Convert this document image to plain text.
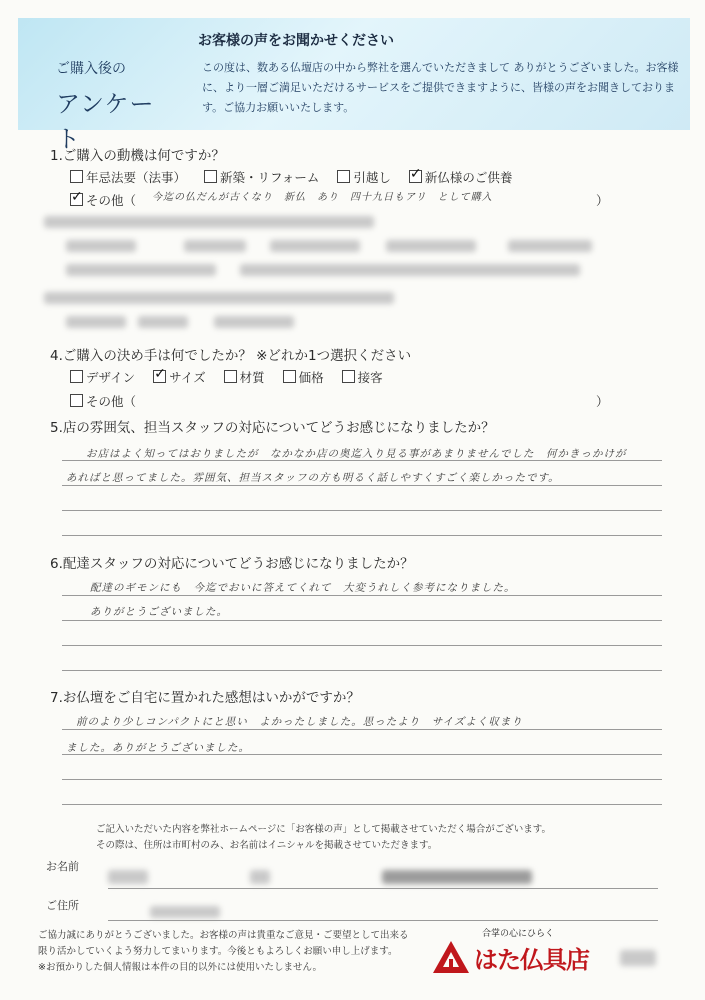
ご購入後の
アンケート
お客様の声をお聞かせください
この度は、数ある仏壇店の中から弊社を選んでいただきまして ありがとうございました。お客様に、より一層ご満足いただけるサービスをご提供できますように、皆様の声をお聞きしております。ご協力お願いいたします。
1.ご購入の動機は何ですか？
年忌法要（法事）	新築・リフォーム	引越し ✓	新仏様のご供養
✓その他（ 今迄の仏だんが古くなり　新仏　あり　四十九日もアリ　として購入	）
4.ご購入の決め手は何でしたか？ ※どれか1つ選択ください
デザイン ✓	サイズ	材質	価格	接客
その他（	）
5.店の雰囲気、担当スタッフの対応についてどうお感じになりましたか？
お店はよく知ってはおりましたが　なかなか店の奥迄入り見る事があまりませんでした　何かきっかけが
あればと思ってました。雰囲気、担当スタッフの方も明るく話しやすくすごく楽しかったです。
6.配達スタッフの対応についてどうお感じになりましたか？
配達のギモンにも　今迄でおいに答えてくれて　大変うれしく参考になりました。
ありがとうございました。
7.お仏壇をご自宅に置かれた感想はいかがですか？
前のより少しコンパクトにと思い　よかったしました。思ったより　サイズよく収まり
ました。ありがとうございました。
ご記入いただいた内容を弊社ホームページに「お客様の声」として掲載させていただく場合がございます。
その際は、住所は市町村のみ、お名前はイニシャルを掲載させていただきます。
お名前
ご住所
ご協力誠にありがとうございました。お客様の声は貴重なご意見・ご要望として出来る
限り活かしていくよう努力してまいります。今後ともよろしくお願い申し上げます。
※お預かりした個人情報は本件の目的以外には使用いたしません。
合掌の心にひらく
はた仏具店
